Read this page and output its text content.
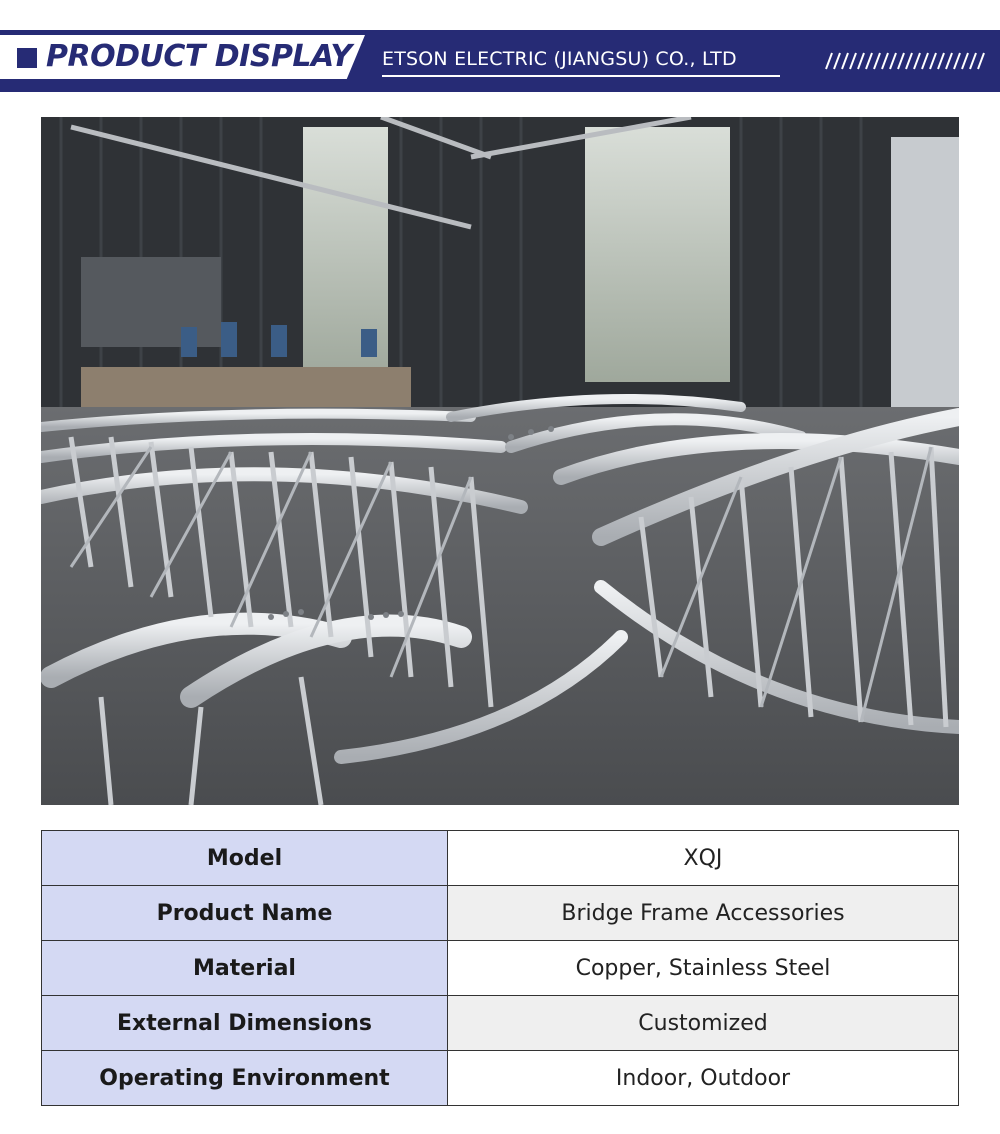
PRODUCT DISPLAY ETSON ELECTRIC (JIANGSU) CO., LTD
Model	XQJ
Product Name	Bridge Frame Accessories
Material	Copper, Stainless Steel
External Dimensions	Customized
Operating Environment	Indoor, Outdoor
